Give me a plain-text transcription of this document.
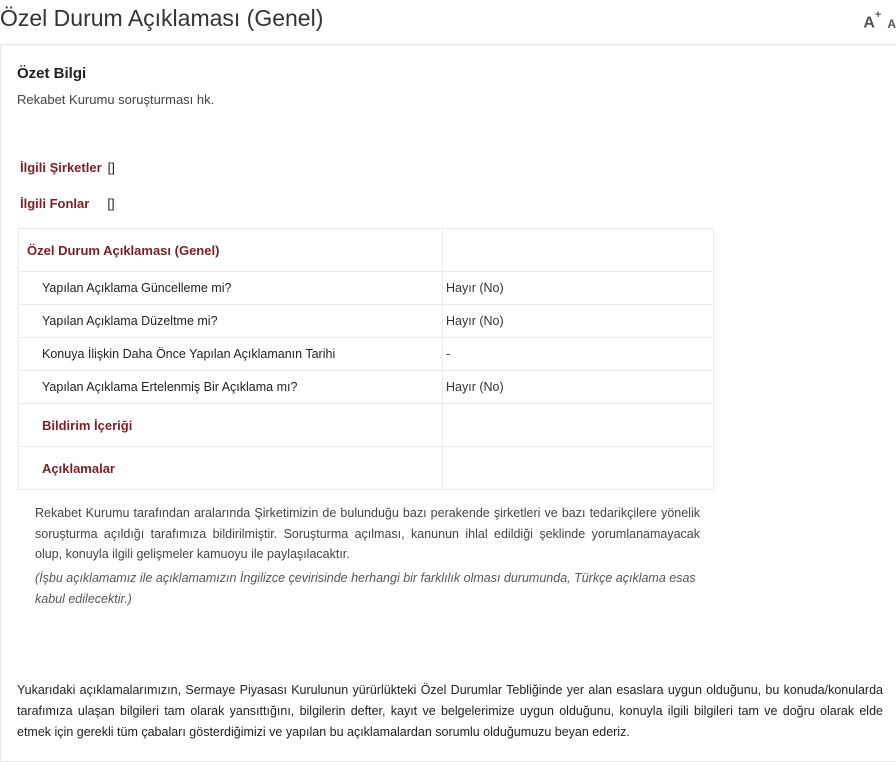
Özel Durum Açıklaması (Genel)	A+
A
Özet Bilgi
Rekabet Kurumu soruşturması hk.
İlgili Şirketler []
İlgili Fonlar []
Özel Durum Açıklaması (Genel)	
Yapılan Açıklama Güncelleme mi?	Hayır (No)
Yapılan Açıklama Düzeltme mi?	Hayır (No)
Konuya İlişkin Daha Önce Yapılan Açıklamanın Tarihi	-
Yapılan Açıklama Ertelenmiş Bir Açıklama mı?	Hayır (No)
Bildirim İçeriği	
Açıklamalar	
Rekabet Kurumu tarafından aralarında Şirketimizin de bulunduğu bazı perakende şirketleri ve bazı tedarikçilere yönelik soruşturma açıldığı tarafımıza bildirilmiştir. Soruşturma açılması, kanunun ihlal edildiği şeklinde yorumlanamayacak olup, konuyla ilgili gelişmeler kamuoyu ile paylaşılacaktır.
(İşbu açıklamamız ile açıklamamızın İngilizce çevirisinde herhangi bir farklılık olması durumunda, Türkçe açıklama esas kabul edilecektir.)
Yukarıdaki açıklamalarımızın, Sermaye Piyasası Kurulunun yürürlükteki Özel Durumlar Tebliğinde yer alan esaslara uygun olduğunu, bu konuda/konularda tarafımıza ulaşan bilgileri tam olarak yansıttığını, bilgilerin defter, kayıt ve belgelerimize uygun olduğunu, konuyla ilgili bilgileri tam ve doğru olarak elde etmek için gerekli tüm çabaları gösterdiğimizi ve yapılan bu açıklamalardan sorumlu olduğumuzu beyan ederiz.
